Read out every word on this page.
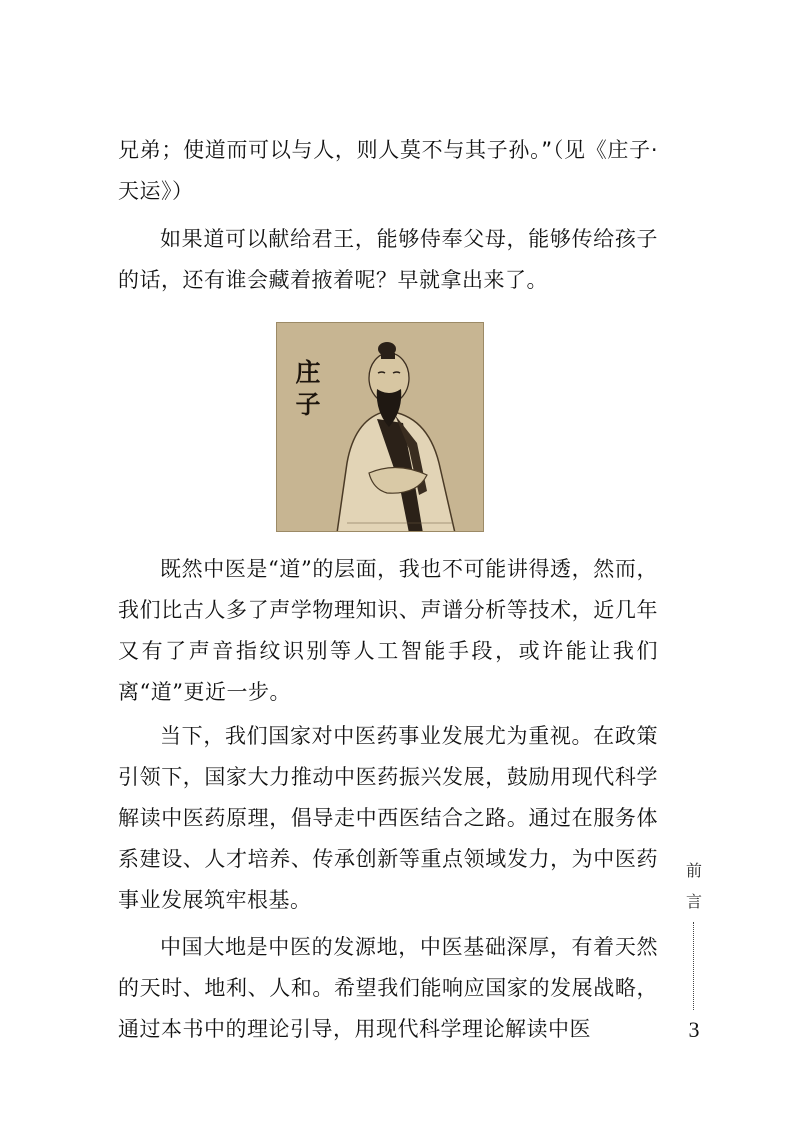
兄弟；使道而可以与人，则人莫不与其子孙。”（见《庄子·天运》）

如果道可以献给君王，能够侍奉父母，能够传给孩子的话，还有谁会藏着掖着呢？早就拿出来了。

庄
子

既然中医是“道”的层面，我也不可能讲得透，然而，我们比古人多了声学物理知识、声谱分析等技术，近几年又有了声音指纹识别等人工智能手段，或许能让我们离“道”更近一步。

当下，我们国家对中医药事业发展尤为重视。在政策引领下，国家大力推动中医药振兴发展，鼓励用现代科学解读中医药原理，倡导走中西医结合之路。通过在服务体系建设、人才培养、传承创新等重点领域发力，为中医药事业发展筑牢根基。

中国大地是中医的发源地，中医基础深厚，有着天然的天时、地利、人和。希望我们能响应国家的发展战略，通过本书中的理论引导，用现代科学理论解读中医

前
言
3
